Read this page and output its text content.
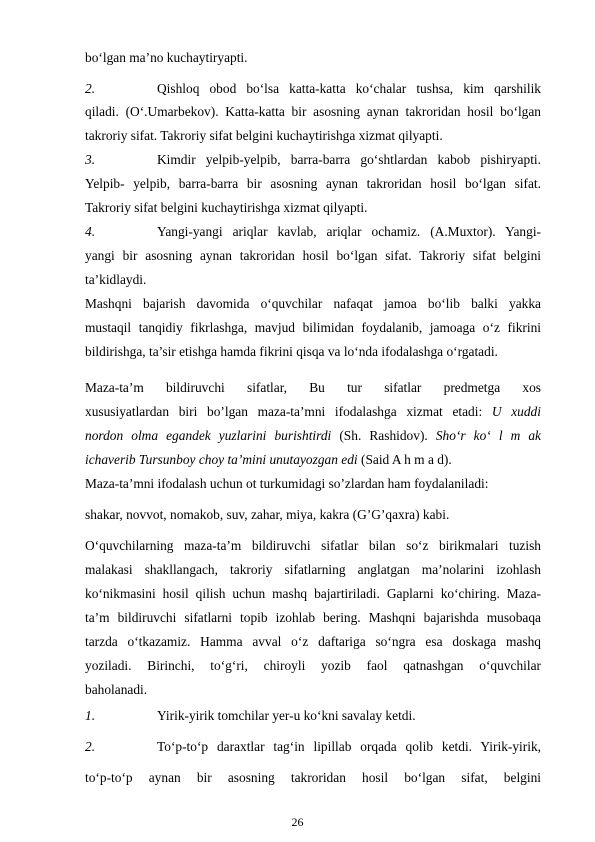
bo‘lgan ma’no kuchaytiryapti.
2.	Qishloq obod bo‘lsa katta-katta ko‘chalar tushsa, kim qarshilik
qiladi. (O‘.Umarbekov). Katta-katta bir asosning aynan takroridan hosil bo‘lgan
takroriy sifat. Takroriy sifat belgini kuchaytirishga xizmat qilyapti.
3.	Kimdir yelpib-yelpib, barra-barra go‘shtlardan kabob pishiryapti.
Yelpib- yelpib, barra-barra bir asosning aynan takroridan hosil bo‘lgan sifat.
Takroriy sifat belgini kuchaytirishga xizmat qilyapti.
4.	Yangi-yangi ariqlar kavlab, ariqlar ochamiz. (A.Muxtor). Yangi-
yangi bir asosning aynan takroridan hosil bo‘lgan sifat. Takroriy sifat belgini
ta’kidlaydi.
Mashqni bajarish davomida o‘quvchilar nafaqat jamoa bo‘lib balki yakka
mustaqil tanqidiy fikrlashga, mavjud bilimidan foydalanib, jamoaga o‘z fikrini
bildirishga, ta’sir etishga hamda fikrini qisqa va lo‘nda ifodalashga o‘rgatadi.
Maza-ta’m bildiruvchi sifatlar, Bu tur sifatlar predmetga xos
xususiyatlardan biri bo’lgan maza-ta’mni ifodalashga xizmat etadi: U xuddi
nordon olma egandek yuzlarini burishtirdi (Sh. Rashidov). Sho‘r ko‘ l m ak
ichaverib Tursunboy choy ta’mini unutayozgan edi (Said A h m a d).
Maza-ta’mni ifodalash uchun ot turkumidagi so’zlardan ham foydalaniladi:
shakar, novvot, nomakob, suv, zahar, miya, kakra (G’G’qaxra) kabi.
O‘quvchilarning maza-ta’m bildiruvchi sifatlar bilan so‘z birikmalari tuzish
malakasi shakllangach, takroriy sifatlarning anglatgan ma’nolarini izohlash
ko‘nikmasini hosil qilish uchun mashq bajartiriladi. Gaplarni ko‘chiring. Maza-
ta’m bildiruvchi sifatlarni topib izohlab bering. Mashqni bajarishda musobaqa
tarzda o‘tkazamiz. Hamma avval o‘z daftariga so‘ngra esa doskaga mashq
yoziladi. Birinchi, to‘g‘ri, chiroyli yozib faol qatnashgan o‘quvchilar
baholanadi.
1.	Yirik-yirik tomchilar yer-u ko‘kni savalay ketdi.
2.	To‘p-to‘p daraxtlar tag‘in lipillab orqada qolib ketdi. Yirik-yirik,
to‘p-to‘p aynan bir asosning takroridan hosil bo‘lgan sifat, belgini
26
